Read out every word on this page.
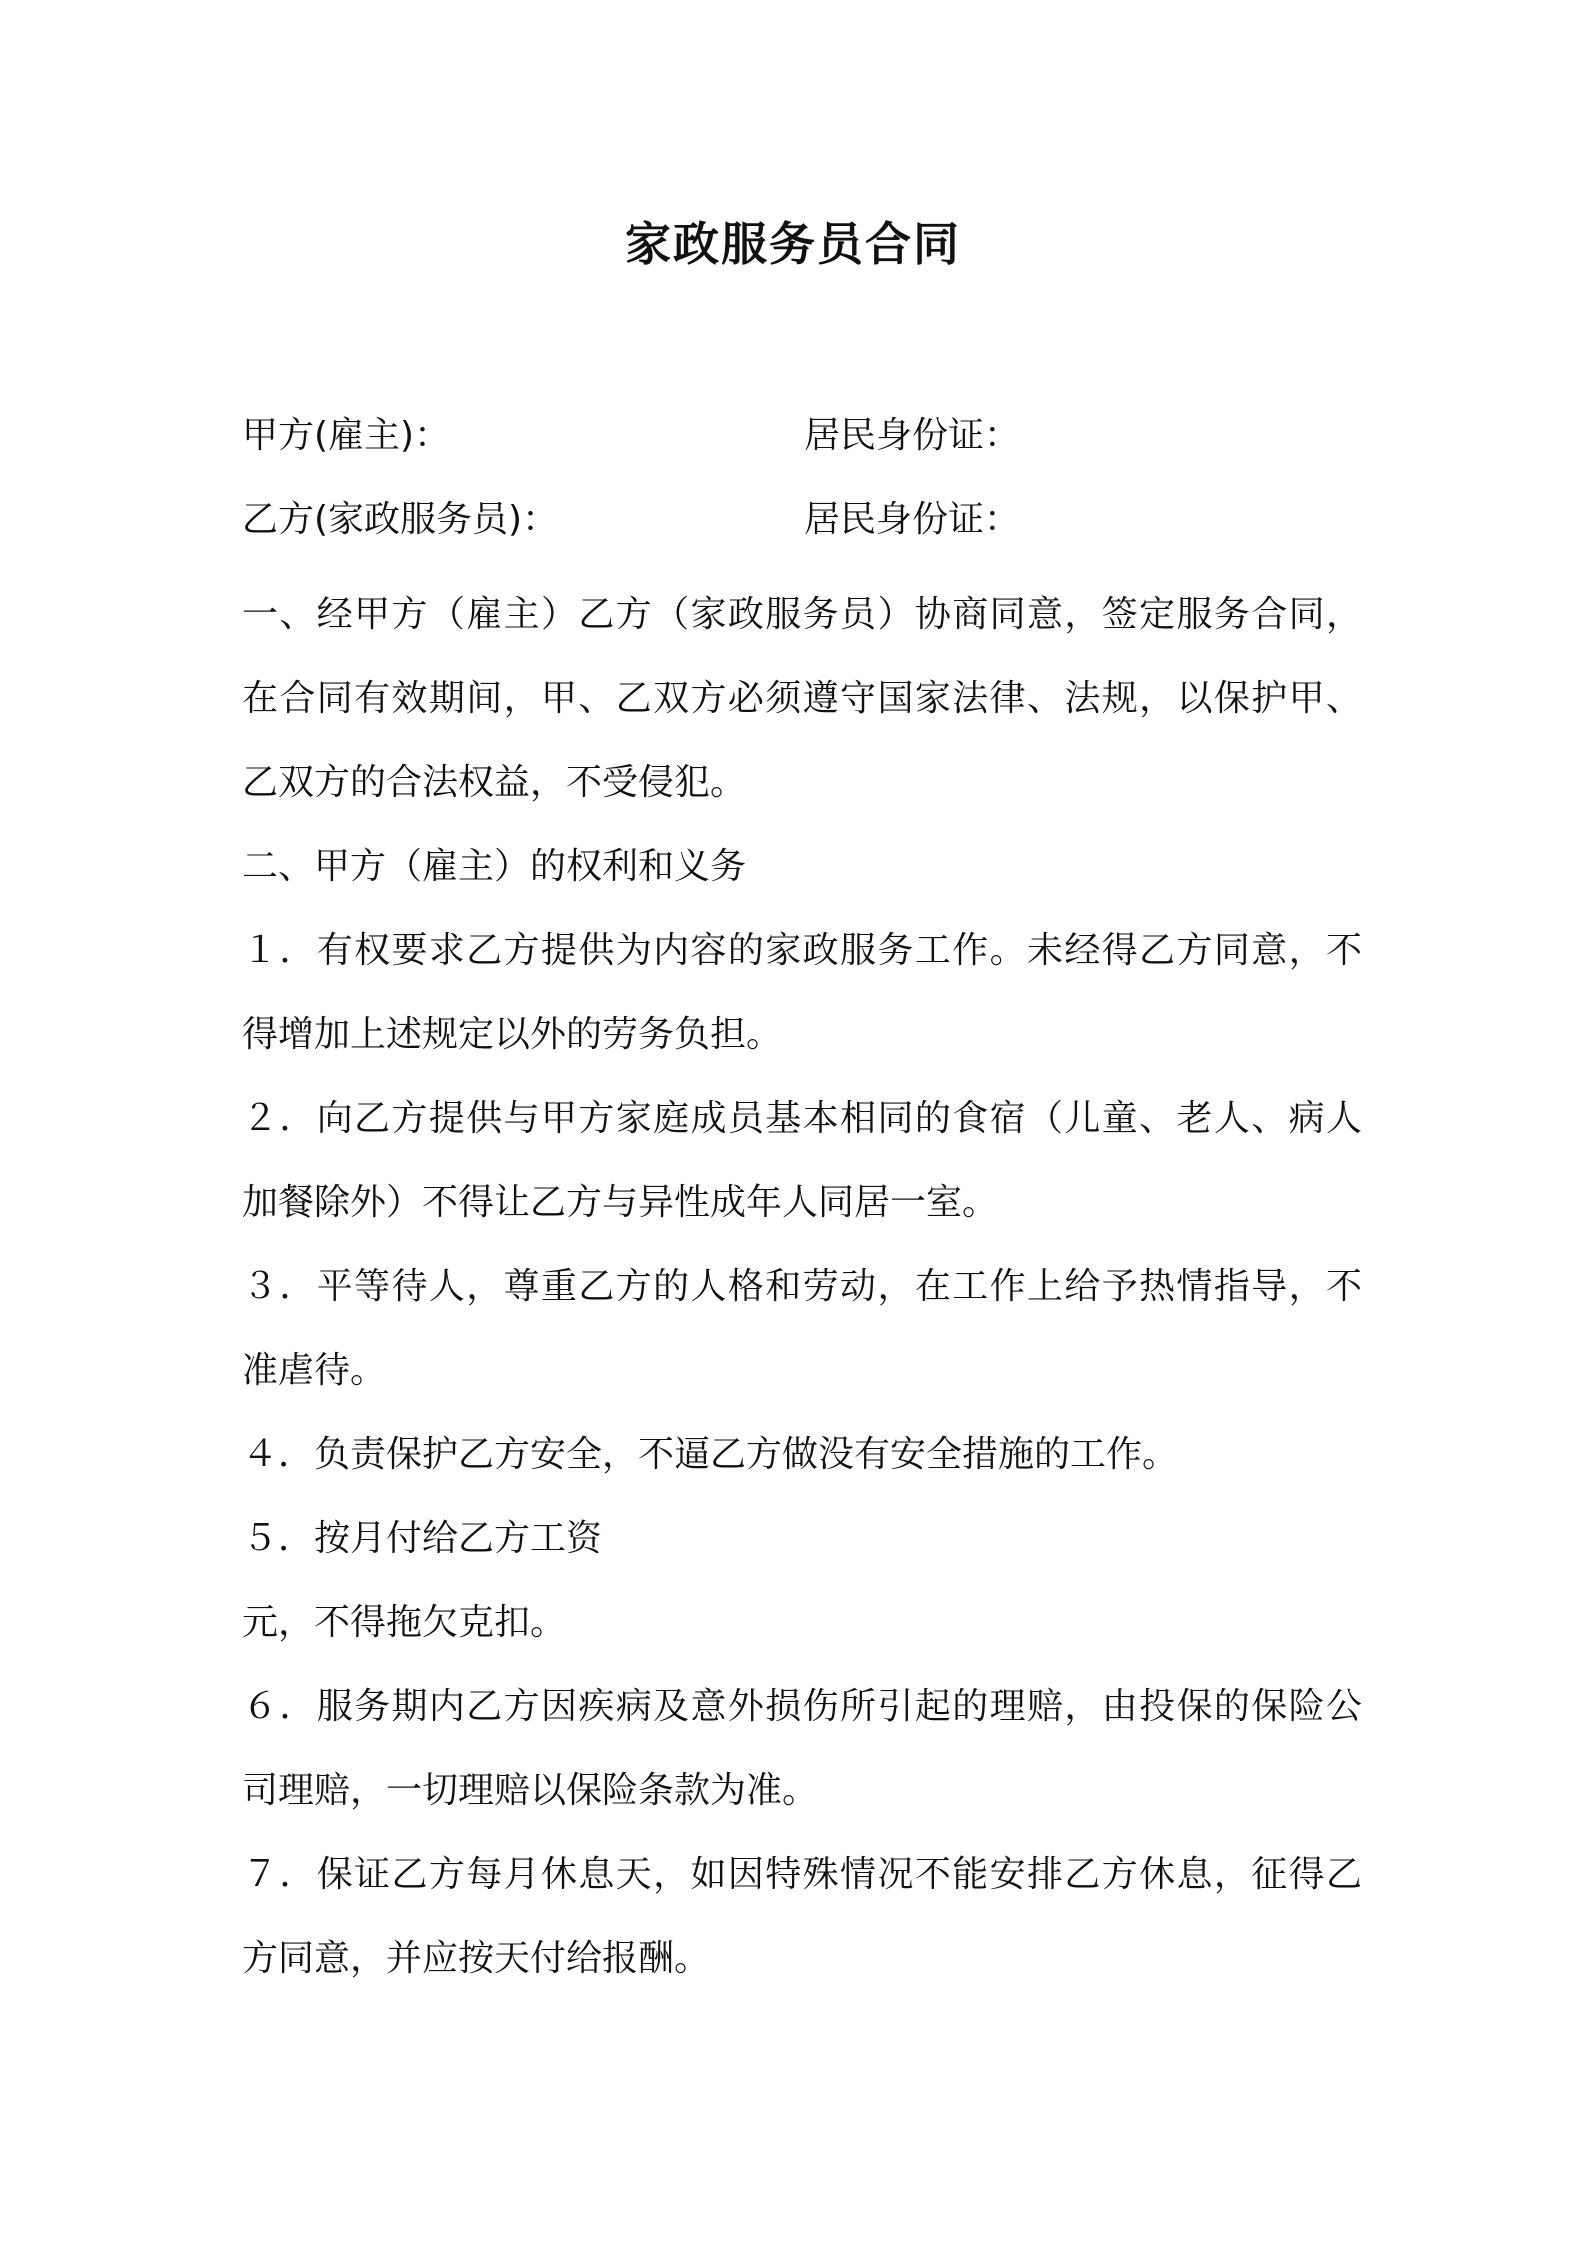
家政服务员合同
甲方(雇主)：	居民身份证：
乙方(家政服务员)：	居民身份证：
一、经甲方（雇主）乙方（家政服务员）协商同意，签定服务合同，
在合同有效期间，甲、乙双方必须遵守国家法律、法规，以保护甲、
乙双方的合法权益，不受侵犯。
二、甲方（雇主）的权利和义务
１．有权要求乙方提供为内容的家政服务工作。未经得乙方同意，不
得增加上述规定以外的劳务负担。
２．向乙方提供与甲方家庭成员基本相同的食宿（儿童、老人、病人
加餐除外）不得让乙方与异性成年人同居一室。
３．平等待人，尊重乙方的人格和劳动，在工作上给予热情指导，不
准虐待。
４．负责保护乙方安全，不逼乙方做没有安全措施的工作。
５．按月付给乙方工资
元，不得拖欠克扣。
６．服务期内乙方因疾病及意外损伤所引起的理赔，由投保的保险公
司理赔，一切理赔以保险条款为准。
７．保证乙方每月休息天，如因特殊情况不能安排乙方休息，征得乙
方同意，并应按天付给报酬。
